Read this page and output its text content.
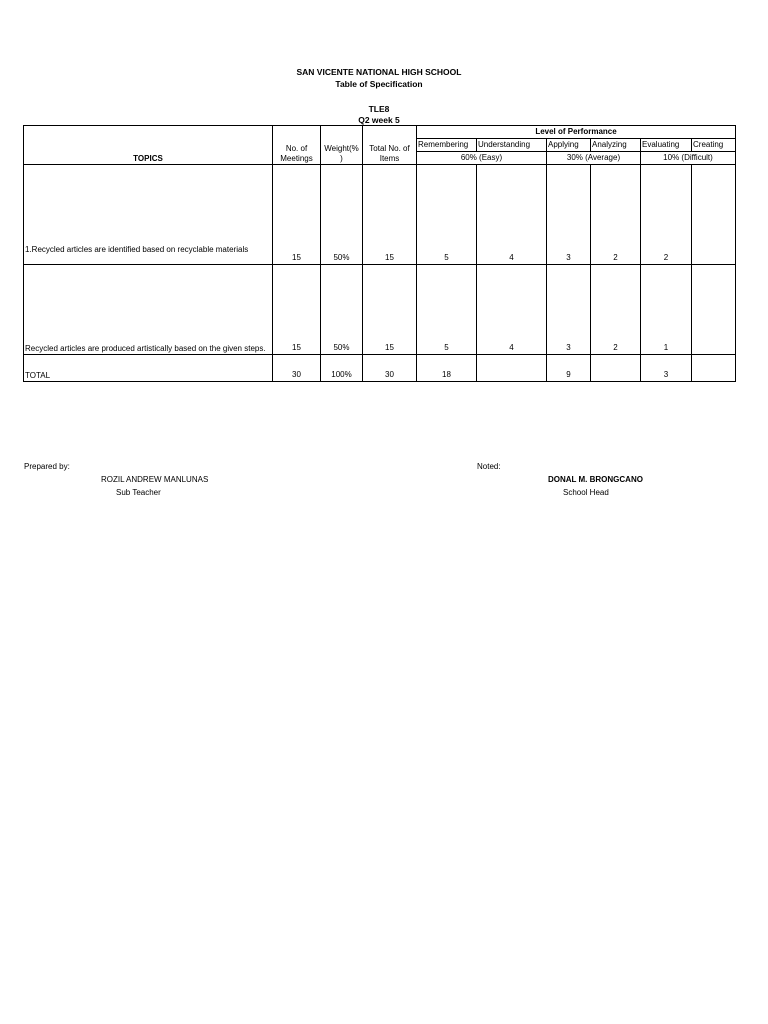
SAN VICENTE NATIONAL HIGH SCHOOL
Table of Specification
TLE8
Q2 week 5
TOPICS	No. of Meetings	Weight(% )	Total No. of Items	Level of Performance					
				Remembering	Understanding	Applying	Analyzing	Evaluating	Creating
				60% (Easy)		30% (Average)		10% (Difficult)	
1.Recycled articles are identified based on recyclable materials	15	50%	15	5	4	3	2	2	
Recycled articles are produced artistically based on the given steps.	15	50%	15	5	4	3	2	1	
TOTAL	30	100%	30	18		9		3	
Prepared by:
ROZIL ANDREW MANLUNAS
Sub Teacher
Noted:
DONAL M. BRONGCANO
School Head
